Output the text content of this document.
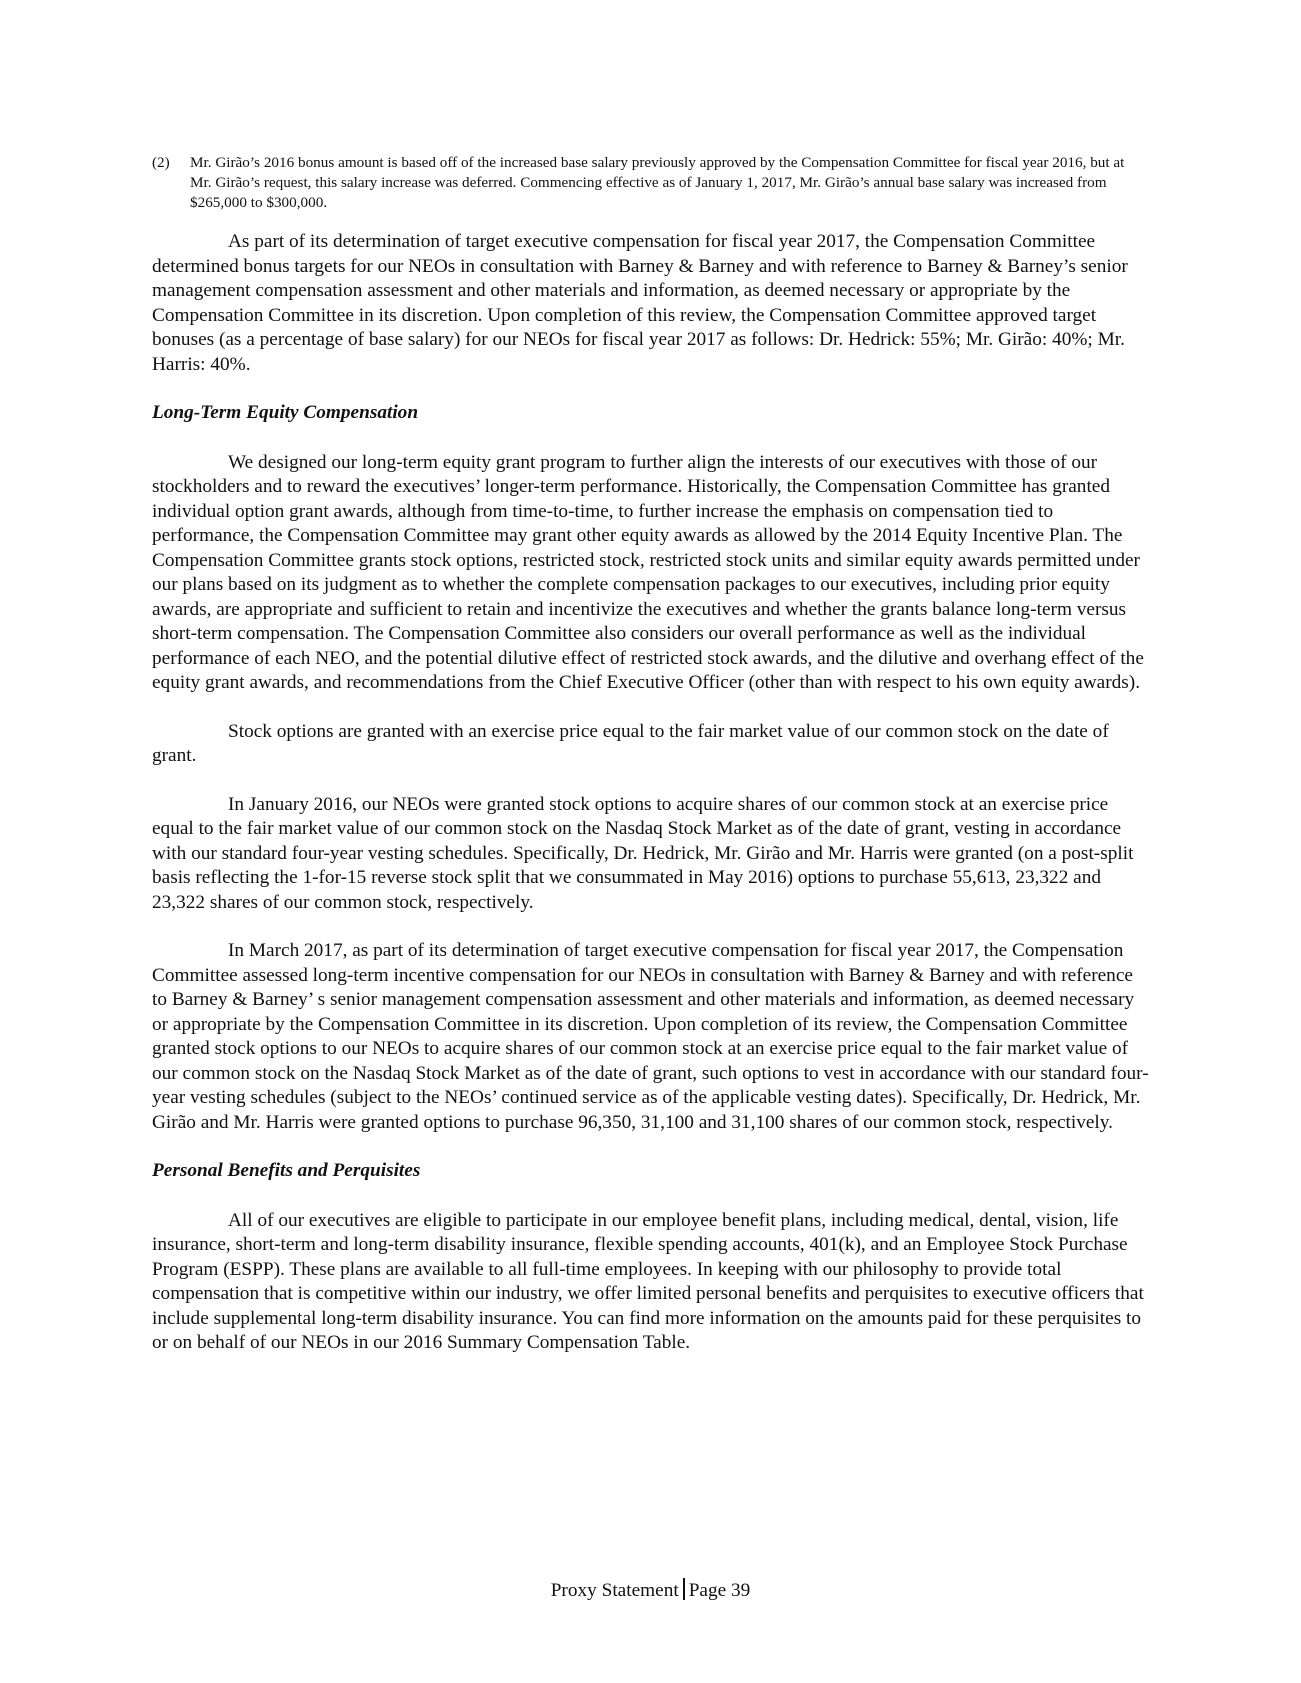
(2) Mr. Girão’s 2016 bonus amount is based off of the increased base salary previously approved by the Compensation Committee for fiscal year 2016, but at Mr. Girão’s request, this salary increase was deferred. Commencing effective as of January 1, 2017, Mr. Girão’s annual base salary was increased from $265,000 to $300,000.

As part of its determination of target executive compensation for fiscal year 2017, the Compensation Committee determined bonus targets for our NEOs in consultation with Barney & Barney and with reference to Barney & Barney’s senior management compensation assessment and other materials and information, as deemed necessary or appropriate by the Compensation Committee in its discretion. Upon completion of this review, the Compensation Committee approved target bonuses (as a percentage of base salary) for our NEOs for fiscal year 2017 as follows: Dr. Hedrick: 55%; Mr. Girão: 40%; Mr. Harris: 40%.

Long-Term Equity Compensation

We designed our long-term equity grant program to further align the interests of our executives with those of our stockholders and to reward the executives’ longer-term performance. Historically, the Compensation Committee has granted individual option grant awards, although from time-to-time, to further increase the emphasis on compensation tied to performance, the Compensation Committee may grant other equity awards as allowed by the 2014 Equity Incentive Plan. The Compensation Committee grants stock options, restricted stock, restricted stock units and similar equity awards permitted under our plans based on its judgment as to whether the complete compensation packages to our executives, including prior equity awards, are appropriate and sufficient to retain and incentivize the executives and whether the grants balance long-term versus short-term compensation. The Compensation Committee also considers our overall performance as well as the individual performance of each NEO, and the potential dilutive effect of restricted stock awards, and the dilutive and overhang effect of the equity grant awards, and recommendations from the Chief Executive Officer (other than with respect to his own equity awards).

Stock options are granted with an exercise price equal to the fair market value of our common stock on the date of grant.

In January 2016, our NEOs were granted stock options to acquire shares of our common stock at an exercise price equal to the fair market value of our common stock on the Nasdaq Stock Market as of the date of grant, vesting in accordance with our standard four-year vesting schedules. Specifically, Dr. Hedrick, Mr. Girão and Mr. Harris were granted (on a post-split basis reflecting the 1-for-15 reverse stock split that we consummated in May 2016) options to purchase 55,613, 23,322 and 23,322 shares of our common stock, respectively.

In March 2017, as part of its determination of target executive compensation for fiscal year 2017, the Compensation Committee assessed long-term incentive compensation for our NEOs in consultation with Barney & Barney and with reference to Barney & Barney’ s senior management compensation assessment and other materials and information, as deemed necessary or appropriate by the Compensation Committee in its discretion. Upon completion of its review, the Compensation Committee granted stock options to our NEOs to acquire shares of our common stock at an exercise price equal to the fair market value of our common stock on the Nasdaq Stock Market as of the date of grant, such options to vest in accordance with our standard four-year vesting schedules (subject to the NEOs’ continued service as of the applicable vesting dates). Specifically, Dr. Hedrick, Mr. Girão and Mr. Harris were granted options to purchase 96,350, 31,100 and 31,100 shares of our common stock, respectively.

Personal Benefits and Perquisites

All of our executives are eligible to participate in our employee benefit plans, including medical, dental, vision, life insurance, short-term and long-term disability insurance, flexible spending accounts, 401(k), and an Employee Stock Purchase Program (ESPP). These plans are available to all full-time employees. In keeping with our philosophy to provide total compensation that is competitive within our industry, we offer limited personal benefits and perquisites to executive officers that include supplemental long-term disability insurance. You can find more information on the amounts paid for these perquisites to or on behalf of our NEOs in our 2016 Summary Compensation Table.

Proxy Statement Page 39
